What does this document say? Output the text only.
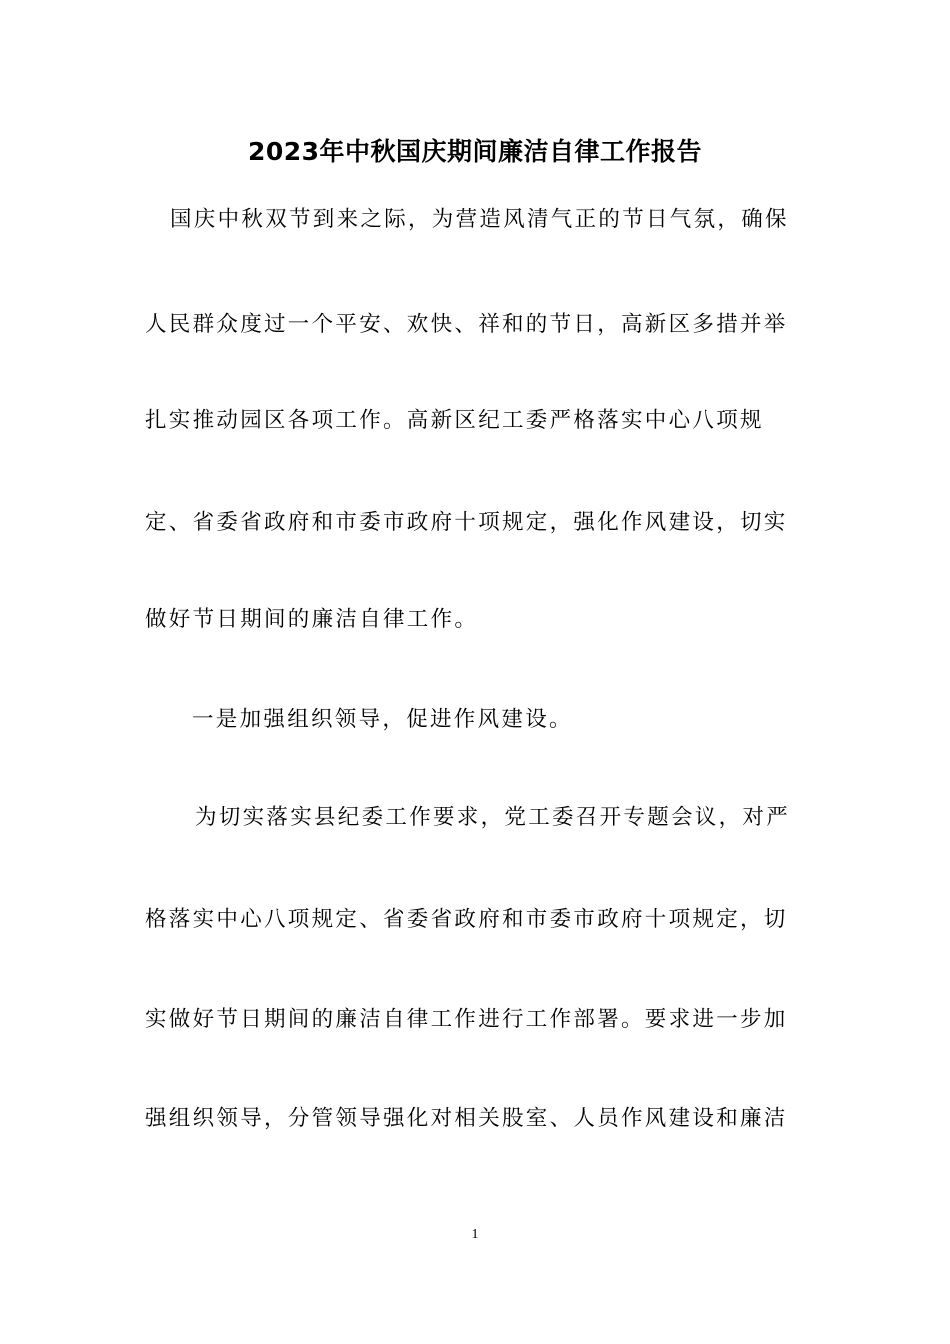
2023年中秋国庆期间廉洁自律工作报告
国庆中秋双节到来之际，为营造风清气正的节日气氛，确保
人民群众度过一个平安、欢快、祥和的节日，高新区多措并举
扎实推动园区各项工作。高新区纪工委严格落实中心八项规
定、省委省政府和市委市政府十项规定，强化作风建设，切实
做好节日期间的廉洁自律工作。
一是加强组织领导，促进作风建设。
为切实落实县纪委工作要求，党工委召开专题会议，对严
格落实中心八项规定、省委省政府和市委市政府十项规定，切
实做好节日期间的廉洁自律工作进行工作部署。要求进一步加
强组织领导，分管领导强化对相关股室、人员作风建设和廉洁
1
